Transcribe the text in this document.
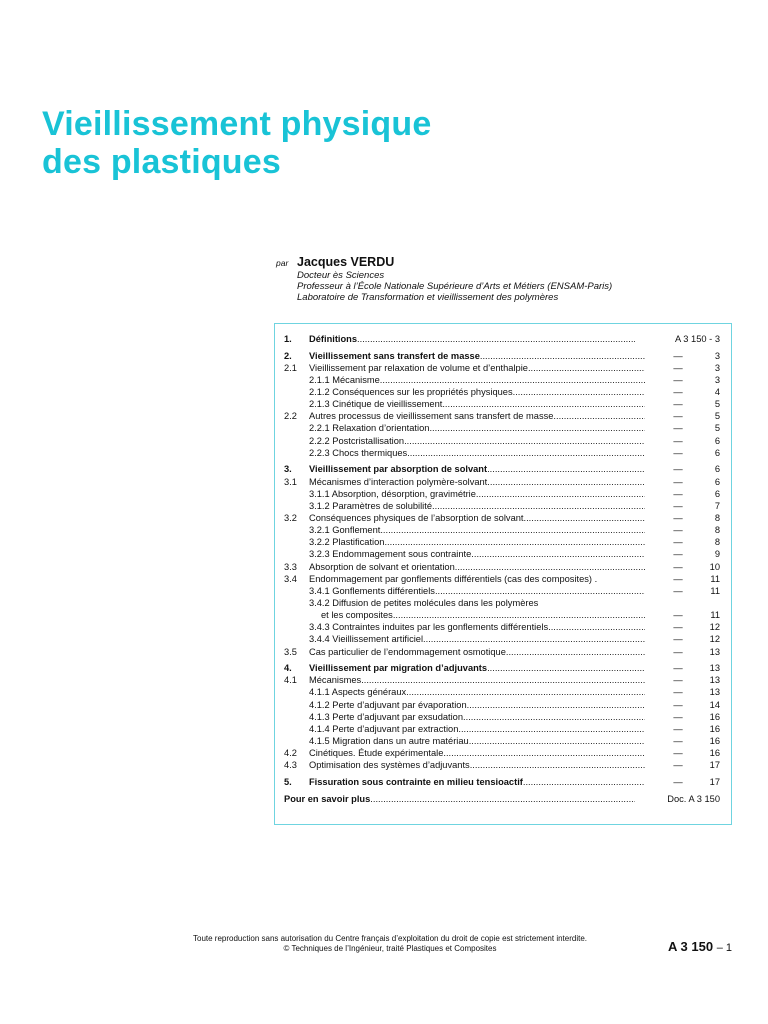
Vieillissement physique
des plastiques
par Jacques VERDU
Docteur ès Sciences
Professeur à l’École Nationale Supérieure d’Arts et Métiers (ENSAM-Paris)
Laboratoire de Transformation et vieillissement des polymères
1.	Définitions .....	A 3 150 - 3
2.	Vieillissement sans transfert de masse .....	—	3
2.1	Vieillissement par relaxation de volume et d’enthalpie .....	—	3
2.1.1 Mécanisme .....	—	3
2.1.2 Conséquences sur les propriétés physiques .....	—	4
2.1.3 Cinétique de vieillissement .....	—	5
2.2	Autres processus de vieillissement sans transfert de masse .....	—	5
2.2.1 Relaxation d’orientation .....	—	5
2.2.2 Postcristallisation .....	—	6
2.2.3 Chocs thermiques .....	—	6
3.	Vieillissement par absorption de solvant .....	—	6
3.1	Mécanismes d’interaction polymère-solvant .....	—	6
3.1.1 Absorption, désorption, gravimétrie .....	—	6
3.1.2 Paramètres de solubilité .....	—	7
3.2	Conséquences physiques de l’absorption de solvant .....	—	8
3.2.1 Gonflement .....	—	8
3.2.2 Plastification .....	—	8
3.2.3 Endommagement sous contrainte .....	—	9
3.3	Absorption de solvant et orientation .....	—	10
3.4	Endommagement par gonflements différentiels (cas des composites) .	—	11
3.4.1 Gonflements différentiels .....	—	11
3.4.2 Diffusion de petites molécules dans les polymères
et les composites .....	—	11
3.4.3 Contraintes induites par les gonflements différentiels .....	—	12
3.4.4 Vieillissement artificiel .....	—	12
3.5	Cas particulier de l’endommagement osmotique .....	—	13
4.	Vieillissement par migration d’adjuvants .....	—	13
4.1	Mécanismes .....	—	13
4.1.1 Aspects généraux .....	—	13
4.1.2 Perte d’adjuvant par évaporation .....	—	14
4.1.3 Perte d’adjuvant par exsudation .....	—	16
4.1.4 Perte d’adjuvant par extraction .....	—	16
4.1.5 Migration dans un autre matériau .....	—	16
4.2	Cinétiques. Étude expérimentale .....	—	16
4.3	Optimisation des systèmes d’adjuvants .....	—	17
5.	Fissuration sous contrainte en milieu tensioactif .....	—	17
Pour en savoir plus .....	Doc. A 3 150
Toute reproduction sans autorisation du Centre français d’exploitation du droit de copie est strictement interdite.
© Techniques de l’Ingénieur, traité Plastiques et Composites	A 3 150 – 1
